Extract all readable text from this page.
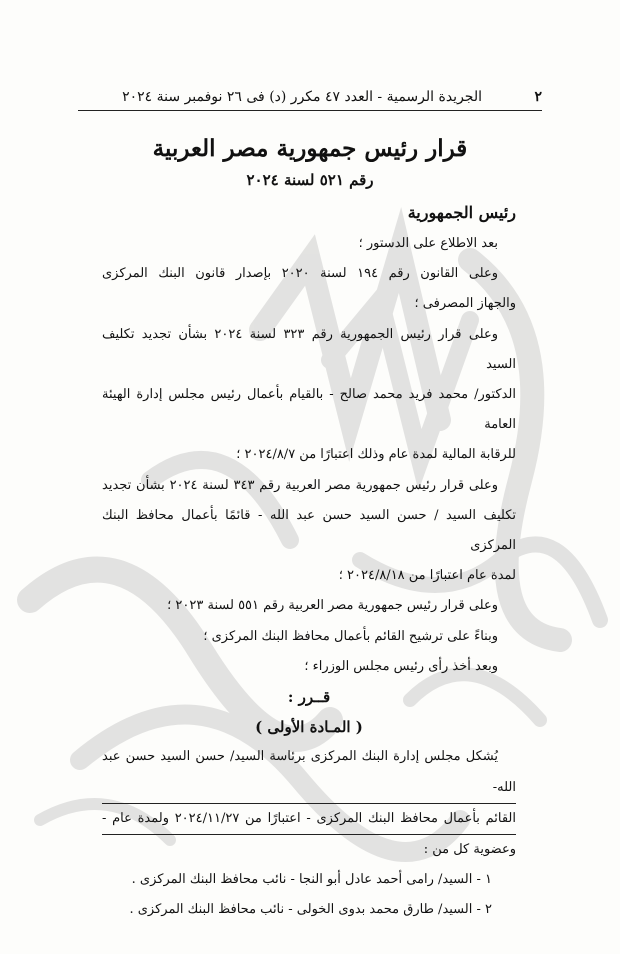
٢
الجريدة الرسمية - العدد ٤٧ مكرر (د) فى ٢٦ نوفمبر سنة ٢٠٢٤
قرار رئيس جمهورية مصر العربية
رقم ٥٢١ لسنة ٢٠٢٤
رئيس الجمهورية

بعد الاطلاع على الدستور ؛

وعلى القانون رقم ١٩٤ لسنة ٢٠٢٠ بإصدار قانون البنك المركزى

والجهاز المصرفى ؛

وعلى قرار رئيس الجمهورية رقم ٣٢٣ لسنة ٢٠٢٤ بشأن تجديد تكليف السيد

الدكتور/ محمد فريد محمد صالح - بالقيام بأعمال رئيس مجلس إدارة الهيئة العامة

للرقابة المالية لمدة عام وذلك اعتبارًا من ٢٠٢٤/٨/٧ ؛

وعلى قرار رئيس جمهورية مصر العربية رقم ٣٤٣ لسنة ٢٠٢٤ بشأن تجديد

تكليف السيد / حسن السيد حسن عبد الله - قائمًا بأعمال محافظ البنك المركزى

لمدة عام اعتبارًا من ٢٠٢٤/٨/١٨ ؛

وعلى قرار رئيس جمهورية مصر العربية رقم ٥٥١ لسنة ٢٠٢٣ ؛

وبناءً على ترشيح القائم بأعمال محافظ البنك المركزى ؛

وبعد أخذ رأى رئيس مجلس الوزراء ؛

قــرر :

( المـادة الأولى )

يُشكل مجلس إدارة البنك المركزى برئاسة السيد/ حسن السيد حسن عبد الله-

القائم بأعمال محافظ البنك المركزى - اعتبارًا من ٢٠٢٤/١١/٢٧ ولمدة عام -

وعضوية كل من :

١ - السيد/ رامى أحمد عادل أبو النجا - نائب محافظ البنك المركزى .

٢ - السيد/ طارق محمد بدوى الخولى - نائب محافظ البنك المركزى .
